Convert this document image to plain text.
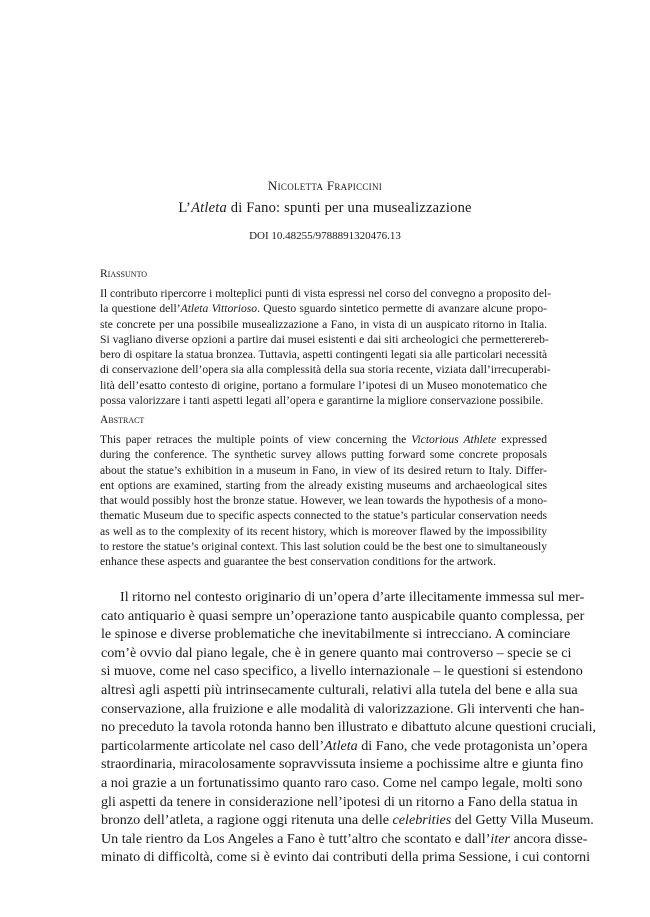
Nicoletta Frapiccini
L’Atleta di Fano: spunti per una musealizzazione
DOI 10.48255/9788891320476.13
Riassunto
Il contributo ripercorre i molteplici punti di vista espressi nel corso del convegno a proposito del-
la questione dell’Atleta Vittorioso. Questo sguardo sintetico permette di avanzare alcune propo-
ste concrete per una possibile musealizzazione a Fano, in vista di un auspicato ritorno in Italia.
Si vagliano diverse opzioni a partire dai musei esistenti e dai siti archeologici che permetterereb-
bero di ospitare la statua bronzea. Tuttavia, aspetti contingenti legati sia alle particolari necessità
di conservazione dell’opera sia alla complessità della sua storia recente, viziata dall’irrecuperabi-
lità dell’esatto contesto di origine, portano a formulare l’ipotesi di un Museo monotematico che
possa valorizzare i tanti aspetti legati all’opera e garantirne la migliore conservazione possibile.
Abstract
This paper retraces the multiple points of view concerning the Victorious Athlete expressed
during the conference. The synthetic survey allows putting forward some concrete proposals
about the statue’s exhibition in a museum in Fano, in view of its desired return to Italy. Differ-
ent options are examined, starting from the already existing museums and archaeological sites
that would possibly host the bronze statue. However, we lean towards the hypothesis of a mono-
thematic Museum due to specific aspects connected to the statue’s particular conservation needs
as well as to the complexity of its recent history, which is moreover flawed by the impossibility
to restore the statue’s original context. This last solution could be the best one to simultaneously
enhance these aspects and guarantee the best conservation conditions for the artwork.
Il ritorno nel contesto originario di un’opera d’arte illecitamente immessa sul mer-
cato antiquario è quasi sempre un’operazione tanto auspicabile quanto complessa, per
le spinose e diverse problematiche che inevitabilmente si intrecciano. A cominciare
com’è ovvio dal piano legale, che è in genere quanto mai controverso – specie se ci
si muove, come nel caso specifico, a livello internazionale – le questioni si estendono
altresì agli aspetti più intrinsecamente culturali, relativi alla tutela del bene e alla sua
conservazione, alla fruizione e alle modalità di valorizzazione. Gli interventi che han-
no preceduto la tavola rotonda hanno ben illustrato e dibattuto alcune questioni cruciali,
particolarmente articolate nel caso dell’Atleta di Fano, che vede protagonista un’opera
straordinaria, miracolosamente sopravvissuta insieme a pochissime altre e giunta fino
a noi grazie a un fortunatissimo quanto raro caso. Come nel campo legale, molti sono
gli aspetti da tenere in considerazione nell’ipotesi di un ritorno a Fano della statua in
bronzo dell’atleta, a ragione oggi ritenuta una delle celebrities del Getty Villa Museum.
Un tale rientro da Los Angeles a Fano è tutt’altro che scontato e dall’iter ancora disse-
minato di difficoltà, come si è evinto dai contributi della prima Sessione, i cui contorni
